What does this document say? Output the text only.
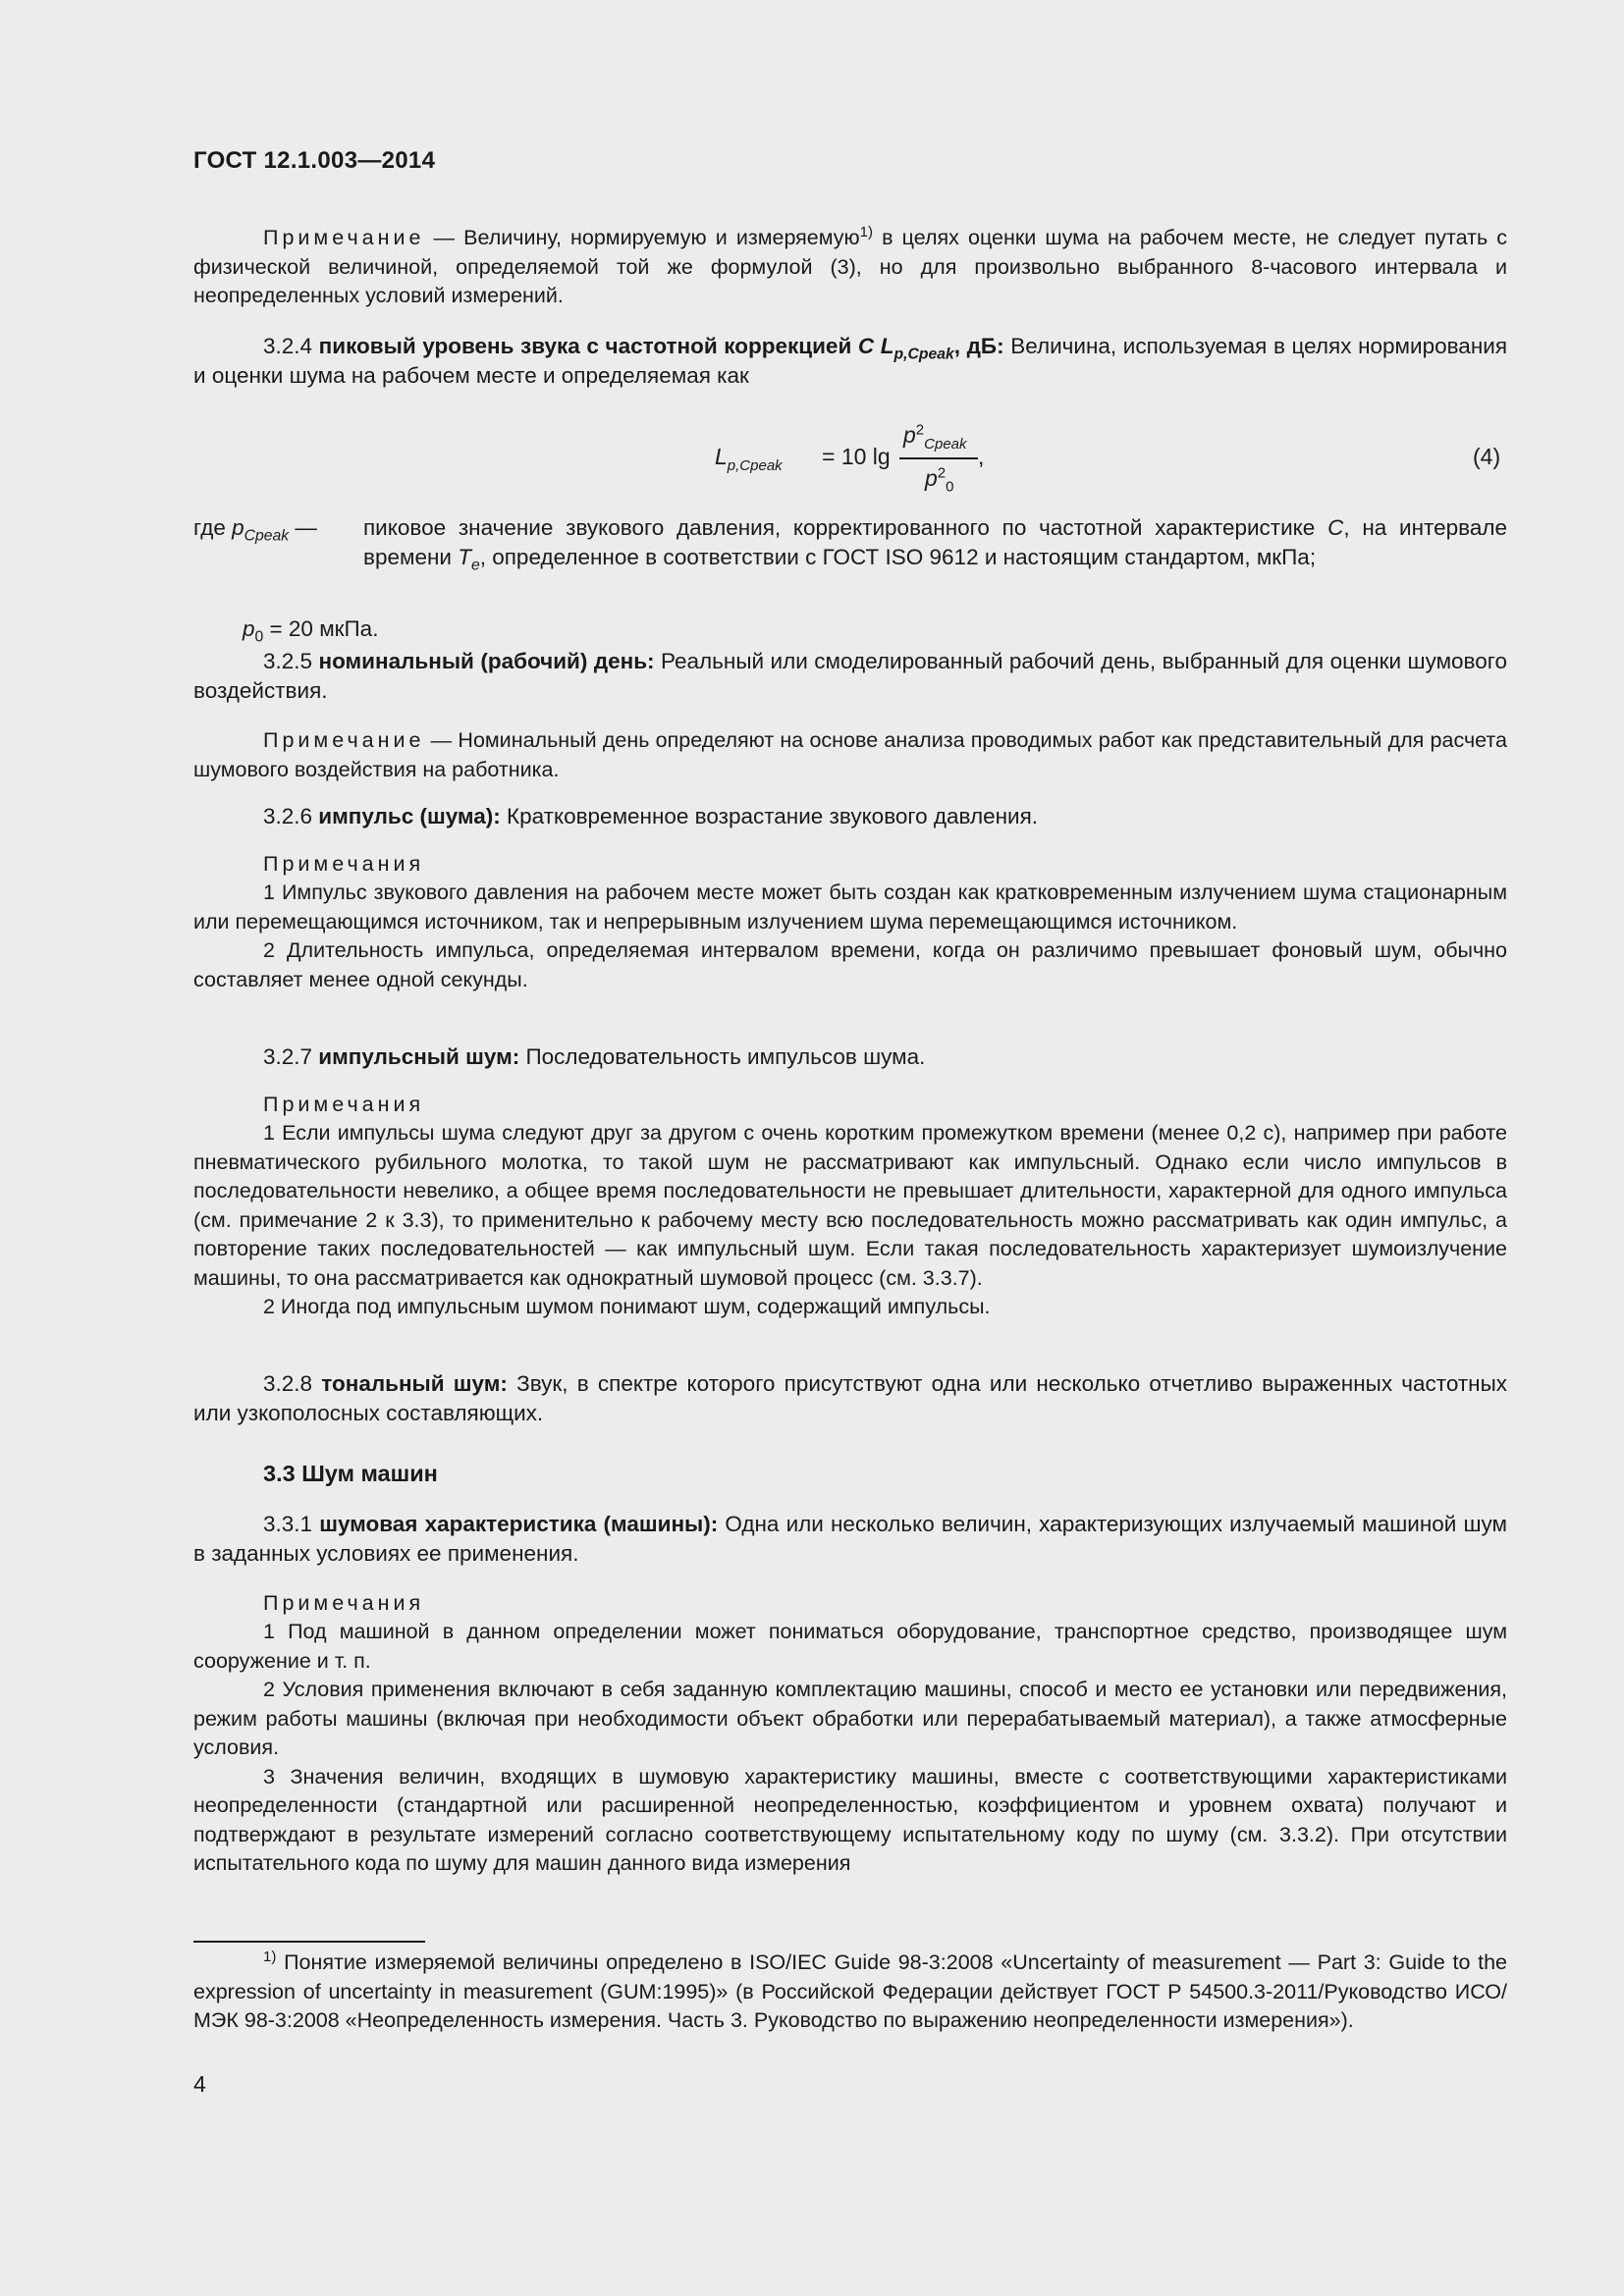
ГОСТ 12.1.003—2014

Примечание — Величину, нормируемую и измеряемую$^{1)}$ в целях оценки шума на рабочем месте, не следует путать с физической величиной, определяемой той же формулой (3), но для произвольно выбранного 8-часового интервала и неопределенных условий измерений.

3.2.4 пиковый уровень звука с частотной коррекцией C $L_{p,Cpeak}$, дБ: Величина, используемая в целях нормирования и оценки шума на рабочем месте и определяемая как

$L_{p,Cpeak} = 10$ lg
$p^2_{Cpeak}$
$p^2_0$
,	(4)
где $p_{Cpeak}$ — пиковое значение звукового давления, корректированного по частотной характеристике C, на интервале времени $T_e$, определенное в соответствии с ГОСТ ISO 9612 и настоящим стандартом, мкПа;

$p_0 = 20$ мкПа.

3.2.5 номинальный (рабочий) день: Реальный или смоделированный рабочий день, выбранный для оценки шумового воздействия.

Примечание — Номинальный день определяют на основе анализа проводимых работ как представительный для расчета шумового воздействия на работника.

3.2.6 импульс (шума): Кратковременное возрастание звукового давления.

Примечания

1 Импульс звукового давления на рабочем месте может быть создан как кратковременным излучением шума стационарным или перемещающимся источником, так и непрерывным излучением шума перемещающимся источником.

2 Длительность импульса, определяемая интервалом времени, когда он различимо превышает фоновый шум, обычно составляет менее одной секунды.

3.2.7 импульсный шум: Последовательность импульсов шума.

Примечания

1 Если импульсы шума следуют друг за другом с очень коротким промежутком времени (менее 0,2 с), например при работе пневматического рубильного молотка, то такой шум не рассматривают как импульсный. Однако если число импульсов в последовательности невелико, а общее время последовательности не превышает длительности, характерной для одного импульса (см. примечание 2 к 3.3), то применительно к рабочему месту всю последовательность можно рассматривать как один импульс, а повторение таких последовательностей — как импульсный шум. Если такая последовательность характеризует шумоизлучение машины, то она рассматривается как однократный шумовой процесс (см. 3.3.7).

2 Иногда под импульсным шумом понимают шум, содержащий импульсы.

3.2.8 тональный шум: Звук, в спектре которого присутствуют одна или несколько отчетливо выраженных частотных или узкополосных составляющих.

3.3 Шум машин

3.3.1 шумовая характеристика (машины): Одна или несколько величин, характеризующих излучаемый машиной шум в заданных условиях ее применения.

Примечания

1 Под машиной в данном определении может пониматься оборудование, транспортное средство, производящее шум сооружение и т. п.

2 Условия применения включают в себя заданную комплектацию машины, способ и место ее установки или передвижения, режим работы машины (включая при необходимости объект обработки или перерабатываемый материал), а также атмосферные условия.

3 Значения величин, входящих в шумовую характеристику машины, вместе с соответствующими характеристиками неопределенности (стандартной или расширенной неопределенностью, коэффициентом и уровнем охвата) получают и подтверждают в результате измерений согласно соответствующему испытательному коду по шуму (см. 3.3.2). При отсутствии испытательного кода по шуму для машин данного вида измерения

$^{1)}$ Понятие измеряемой величины определено в ISO/IEC Guide 98-3:2008 «Uncertainty of measurement — Part 3: Guide to the expression of uncertainty in measurement (GUM:1995)» (в Российской Федерации действует ГОСТ Р 54500.3-2011/Руководство ИСО/МЭК 98-3:2008 «Неопределенность измерения. Часть 3. Руководство по выражению неопределенности измерения»).

4
